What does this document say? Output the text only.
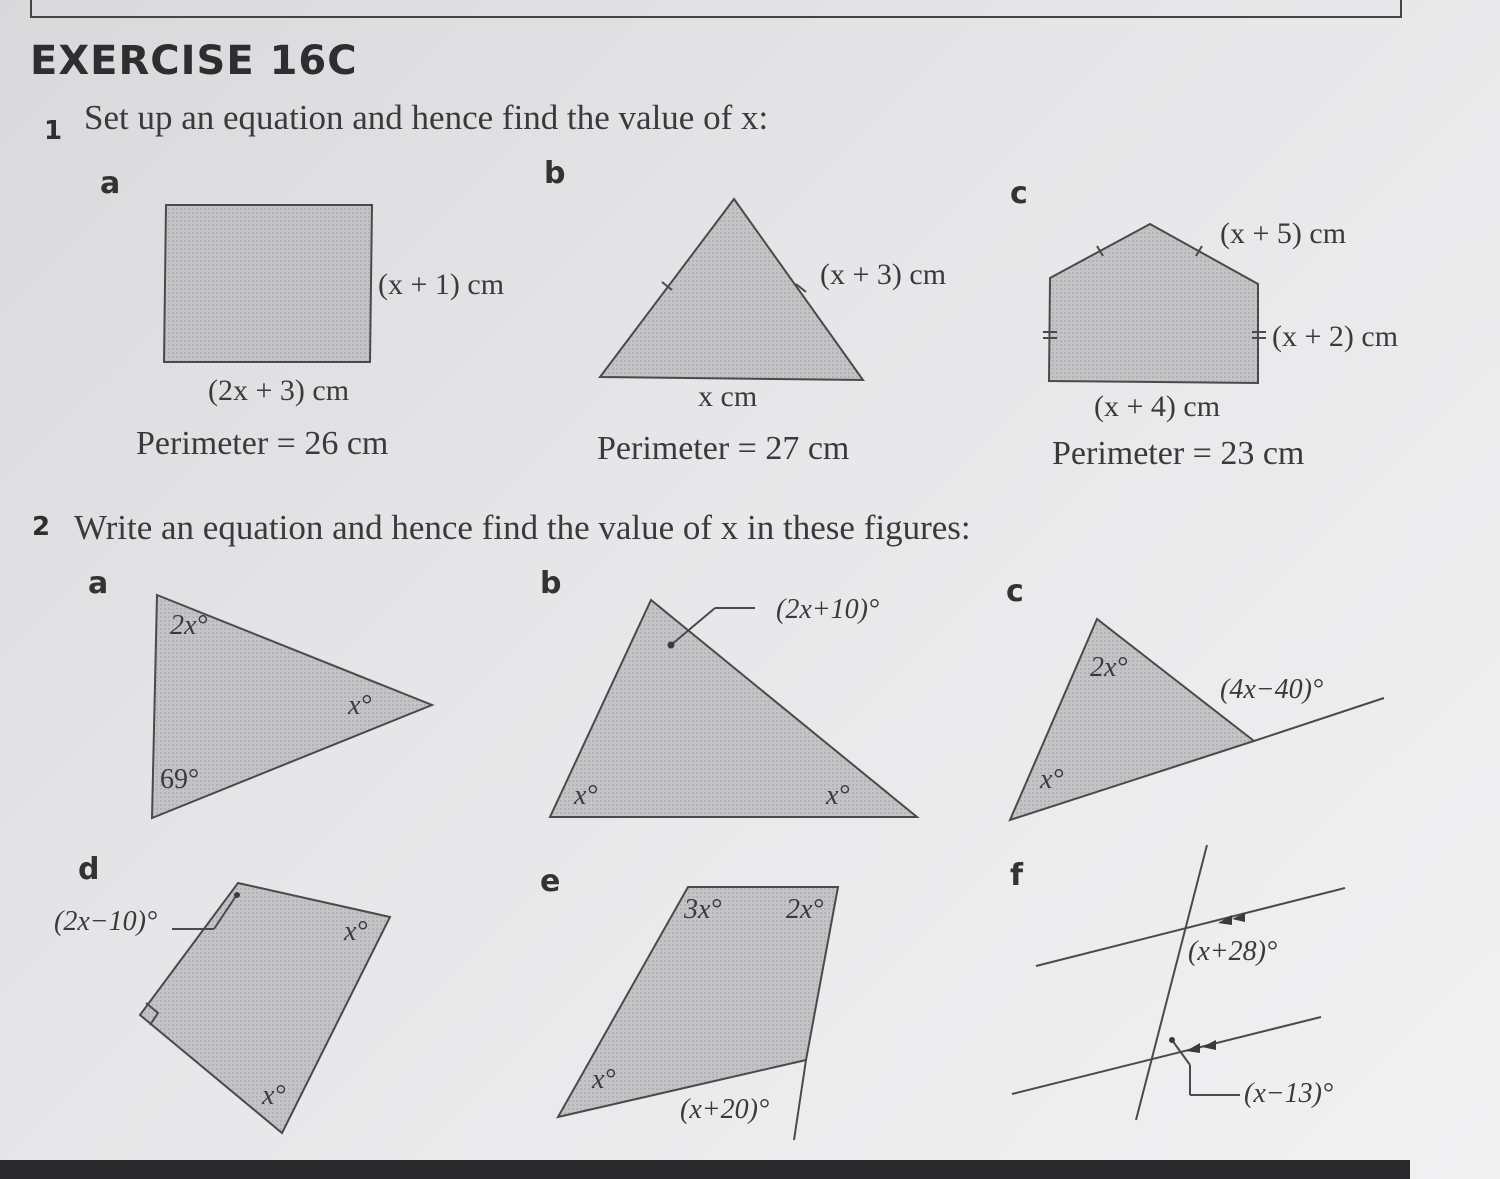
EXERCISE 16C
1 Set up an equation and hence find the value of x:
2 Write an equation and hence find the value of x in these figures:
a
(x + 1) cm
(2x + 3) cm
Perimeter = 26 cm
b
(x + 3) cm
x cm
Perimeter = 27 cm
c
(x + 5) cm
(x + 2) cm
(x + 4) cm
Perimeter = 23 cm
a
2x°
x°
69°
b
(2x+10)°
x°	x°
c
2x°
(4x−40)°
x°
d
(2x−10)°	x°
x°
e
3x° 2x°
x°
(x+20)°
f
(x+28)°
(x−13)°
